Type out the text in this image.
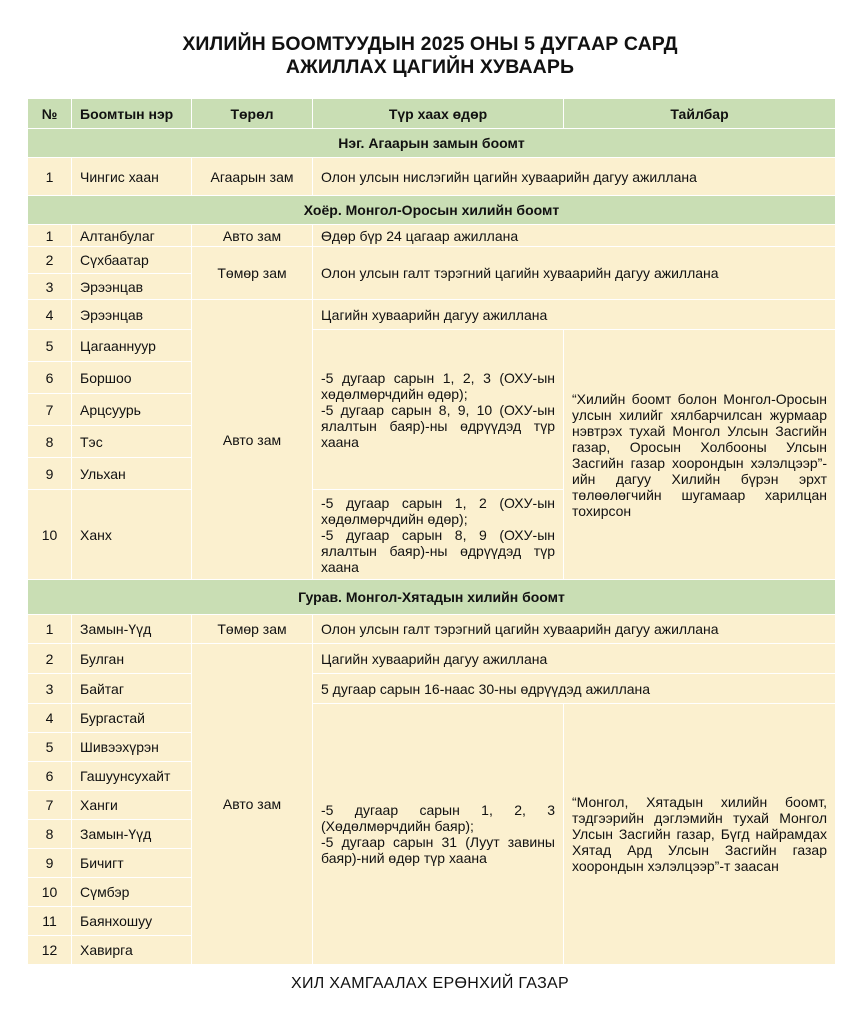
ХИЛИЙН БООМТУУДЫН 2025 ОНЫ 5 ДУГААР САРД
АЖИЛЛАХ ЦАГИЙН ХУВААРЬ
№	Боомтын нэр	Төрөл	Түр хаах өдөр	Тайлбар
Нэг. Агаарын замын боомт				
1	Чингис хаан	Агаарын зам	Олон улсын нислэгийн цагийн хуваарийн дагуу ажиллана	
Хоёр. Монгол-Оросын хилийн боомт				
1	Алтанбулаг	Авто зам	Өдөр бүр 24 цагаар ажиллана	
2	Сүхбаатар	Төмөр зам	Олон улсын галт тэрэгний цагийн хуваарийн дагуу ажиллана	
3	Эрээнцав			
4	Эрээнцав	Авто зам	Цагийн хуваарийн дагуу ажиллана	
5	Цагааннуур		-5 дугаар сарын 1, 2, 3 (ОХУ-ын хөдөлмөрчдийн өдөр);
-5 дугаар сарын 8, 9, 10 (ОХУ-ын ялалтын баяр)-ны өдрүүдэд түр хаана	“Хилийн боомт болон Монгол-Оросын улсын хилийг хялбарчилсан журмаар нэвтрэх тухай Монгол Улсын Засгийн газар, Оросын Холбооны Улсын Засгийн газар хоорондын хэлэлцээр”-ийн дагуу Хилийн бүрэн эрхт төлөөлөгчийн шугамаар харилцан тохирсон
6	Боршоо			
7	Арцсуурь			
8	Тэс			
9	Ульхан			
10	Ханх		-5 дугаар сарын 1, 2 (ОХУ-ын хөдөлмөрчдийн өдөр);
-5 дугаар сарын 8, 9 (ОХУ-ын ялалтын баяр)-ны өдрүүдэд түр хаана	

Гурав. Монгол-Хятадын хилийн боомт				
1	Замын-Үүд	Төмөр зам	Олон улсын галт тэрэгний цагийн хуваарийн дагуу ажиллана	
2	Булган	Авто зам	Цагийн хуваарийн дагуу ажиллана	
3	Байтаг		5 дугаар сарын 16-наас 30-ны өдрүүдэд ажиллана	
4	Бургастай		-5 дугаар сарын 1, 2, 3 (Хөдөлмөрчдийн баяр);
-5 дугаар сарын 31 (Луут завины баяр)-ний өдөр түр хаана	“Монгол, Хятадын хилийн боомт, тэдгээрийн дэглэмийн тухай Монгол Улсын Засгийн газар, Бүгд найрамдах Хятад Ард Улсын Засгийн газар хоорондын хэлэлцээр”-т заасан
5	Шивээхүрэн			
6	Гашуунсухайт			
7	Ханги			
8	Замын-Үүд			
9	Бичигт			
10	Сүмбэр			
11	Баянхошуу			
12	Хавирга			
ХИЛ ХАМГААЛАХ ЕРӨНХИЙ ГАЗАР
